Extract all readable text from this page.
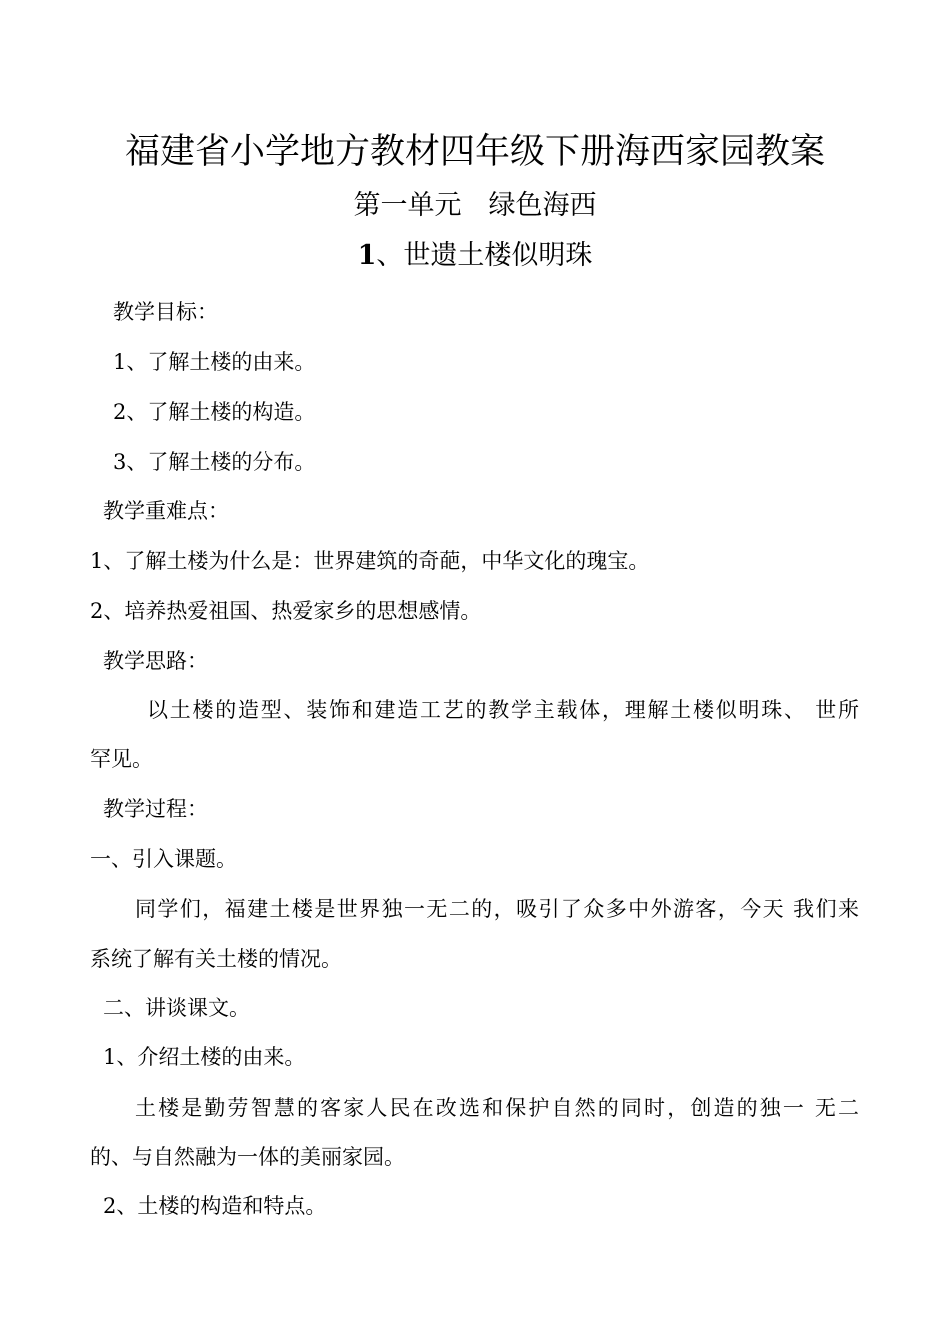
福建省小学地方教材四年级下册海西家园教案
第一单元　绿色海西
1、世遗土楼似明珠
教学目标：
1、了解土楼的由来。
2、了解土楼的构造。
3、了解土楼的分布。
教学重难点：
1、了解土楼为什么是：世界建筑的奇葩，中华文化的瑰宝。
2、培养热爱祖国、热爱家乡的思想感情。
教学思路：
以土楼的造型、装饰和建造工艺的教学主载体，理解土楼似明珠、 世所
罕见。
教学过程：
一、引入课题。
同学们，福建土楼是世界独一无二的，吸引了众多中外游客，今天 我们来
系统了解有关土楼的情况。
二、讲谈课文。
1、介绍土楼的由来。
土楼是勤劳智慧的客家人民在改选和保护自然的同时，创造的独一 无二
的、与自然融为一体的美丽家园。
2、土楼的构造和特点。
